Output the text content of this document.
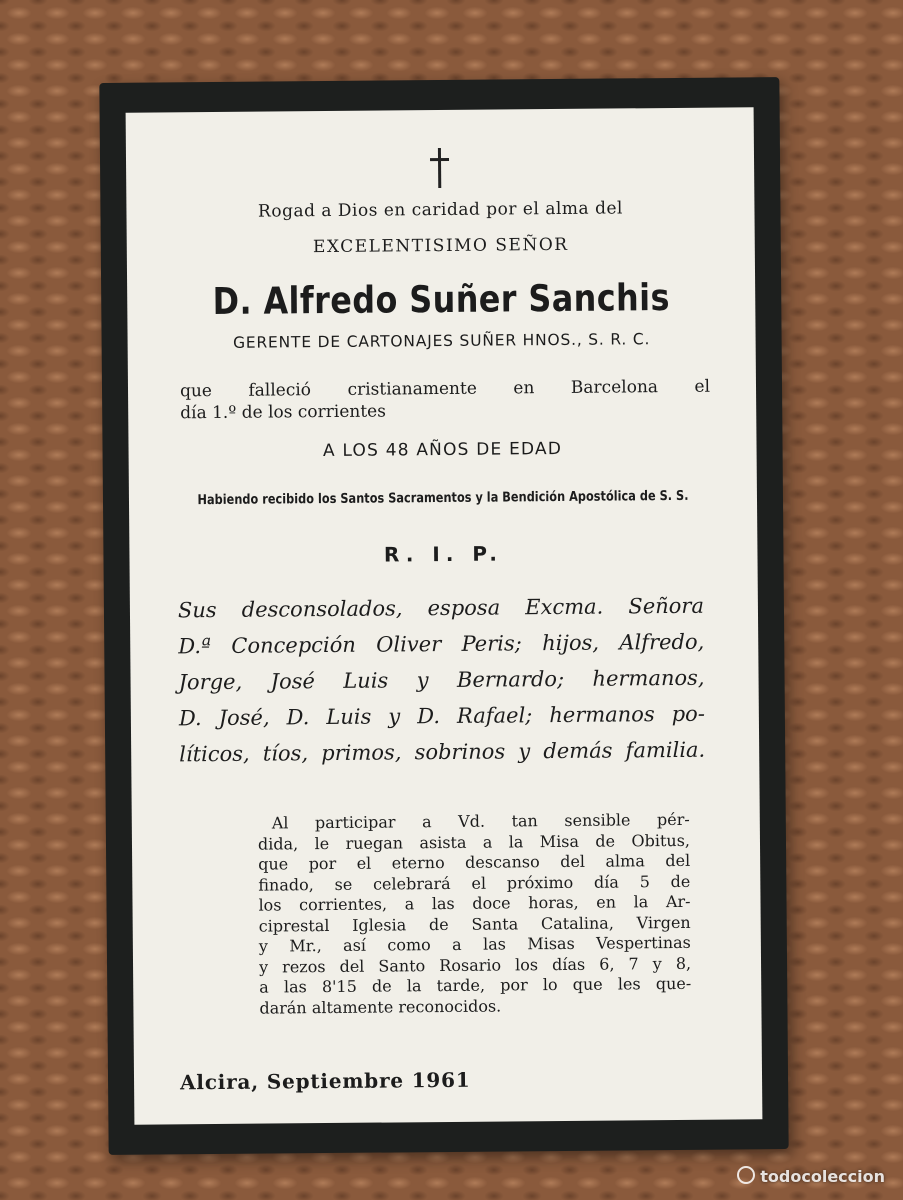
Rogad a Dios en caridad por el alma del
EXCELENTISIMO SEÑOR
D. Alfredo Suñer Sanchis
GERENTE DE CARTONAJES SUÑER HNOS., S. R. C.
que falleció cristianamente en Barcelona el
día 1.º de los corrientes
A LOS 48 AÑOS DE EDAD
Habiendo recibido los Santos Sacramentos y la Bendición Apostólica de S. S.
R. I. P.
Sus desconsolados, esposa Excma. Señora
D.ª Concepción Oliver Peris; hijos, Alfredo,
Jorge, José Luis y Bernardo; hermanos,
D. José, D. Luis y D. Rafael; hermanos po-
líticos, tíos, primos, sobrinos y demás familia.
Al participar a Vd. tan sensible pér-
dida, le ruegan asista a la Misa de Obitus,
que por el eterno descanso del alma del
finado, se celebrará el próximo día 5 de
los corrientes, a las doce horas, en la Ar-
ciprestal Iglesia de Santa Catalina, Virgen
y Mr., así como a las Misas Vespertinas
y rezos del Santo Rosario los días 6, 7 y 8,
a las 8'15 de la tarde, por lo que les que-
darán altamente reconocidos.
Alcira, Septiembre 1961
todocoleccion
